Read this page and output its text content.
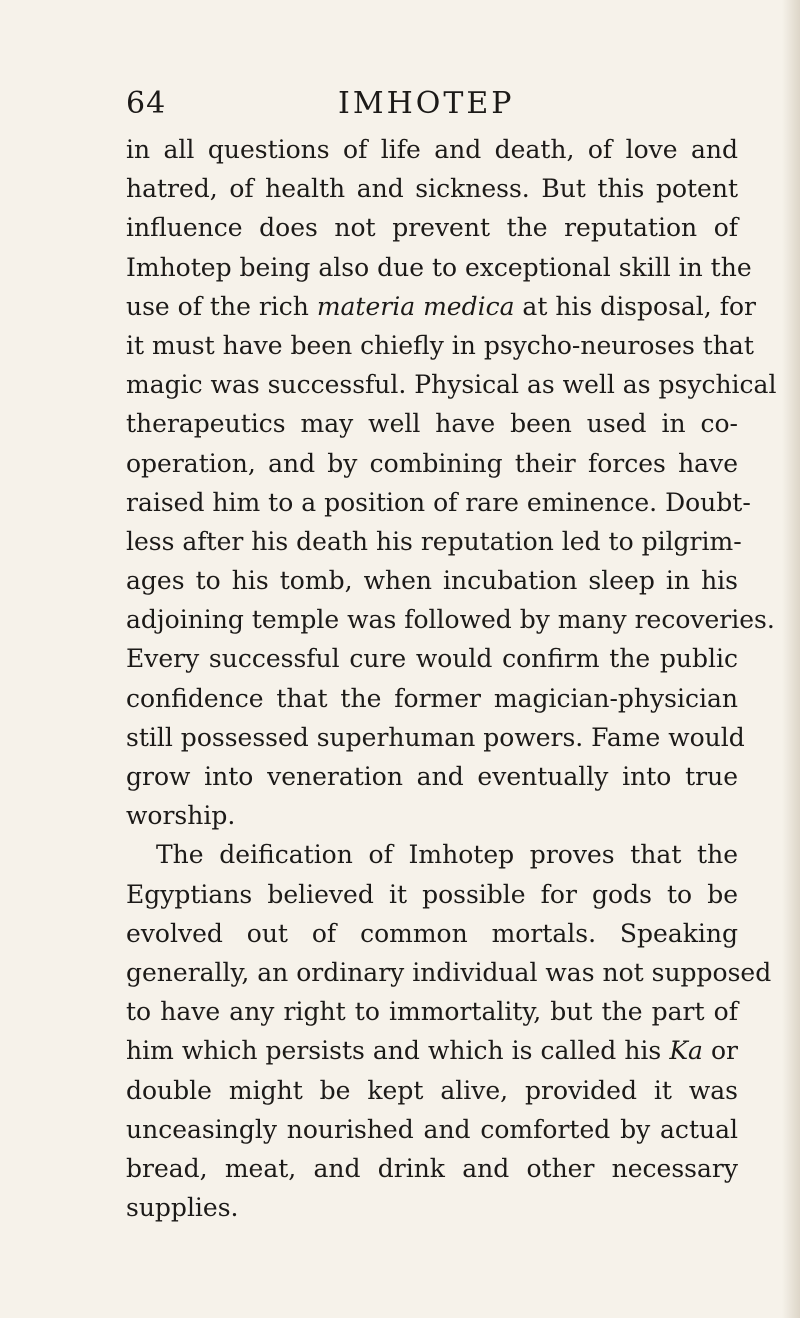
64	IMHOTEP
in all questions of life and death, of love and
hatred, of health and sickness. But this potent
influence does not prevent the reputation of
Imhotep being also due to exceptional skill in the
use of the rich materia medica at his disposal, for
it must have been chiefly in psycho-neuroses that
magic was successful. Physical as well as psychical
therapeutics may well have been used in co-
operation, and by combining their forces have
raised him to a position of rare eminence. Doubt-
less after his death his reputation led to pilgrim-
ages to his tomb, when incubation sleep in his
adjoining temple was followed by many recoveries.
Every successful cure would confirm the public
confidence that the former magician-physician
still possessed superhuman powers. Fame would
grow into veneration and eventually into true
worship.
The deification of Imhotep proves that the
Egyptians believed it possible for gods to be
evolved out of common mortals. Speaking
generally, an ordinary individual was not supposed
to have any right to immortality, but the part of
him which persists and which is called his Ka or
double might be kept alive, provided it was
unceasingly nourished and comforted by actual
bread, meat, and drink and other necessary
supplies.
